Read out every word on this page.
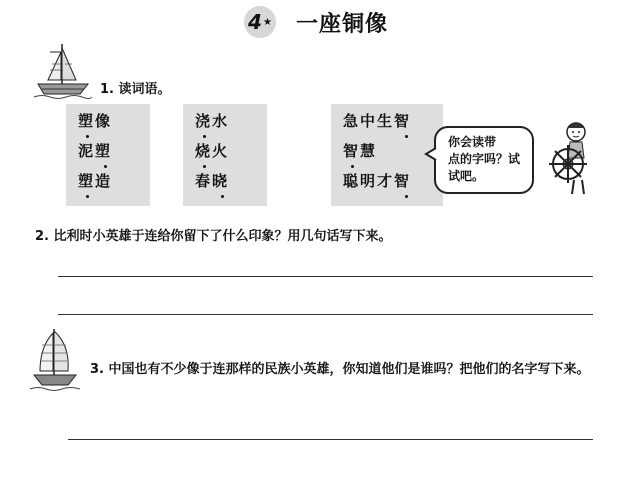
4 ★ 一座铜像
1. 读词语。
塑像
泥塑
塑造
浇水
烧火
春晓
急中生智
智慧
聪明才智
你会读带
点的字吗？试
试吧。
2. 比利时小英雄于连给你留下了什么印象？用几句话写下来。
3. 中国也有不少像于连那样的民族小英雄，你知道他们是谁吗？把他们的名字写下来。
